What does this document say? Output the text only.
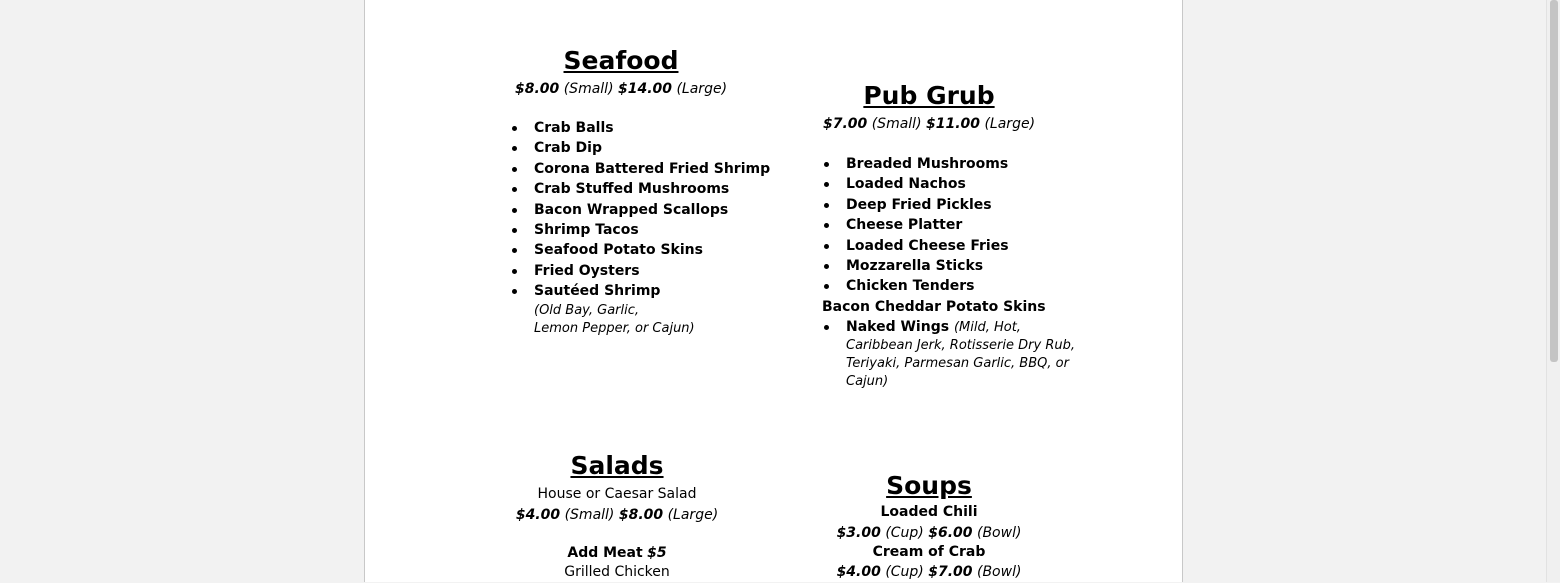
Seafood
$8.00 (Small) $14.00 (Large)
Crab Balls
Crab Dip
Corona Battered Fried Shrimp
Crab Stuffed Mushrooms
Bacon Wrapped Scallops
Shrimp Tacos
Seafood Potato Skins
Fried Oysters
Sautéed Shrimp
(Old Bay, Garlic,
Lemon Pepper, or Cajun)
Pub Grub
$7.00 (Small) $11.00 (Large)
Breaded Mushrooms
Loaded Nachos
Deep Fried Pickles
Cheese Platter
Loaded Cheese Fries
Mozzarella Sticks
Chicken Tenders
Bacon Cheddar Potato Skins
Naked Wings (Mild, Hot,
Caribbean Jerk, Rotisserie Dry Rub,
Teriyaki, Parmesan Garlic, BBQ, or
Cajun)
Salads
House or Caesar Salad
$4.00 (Small) $8.00 (Large)
Add Meat $5
Grilled Chicken
Soups
Loaded Chili
$3.00 (Cup) $6.00 (Bowl)
Cream of Crab
$4.00 (Cup) $7.00 (Bowl)
